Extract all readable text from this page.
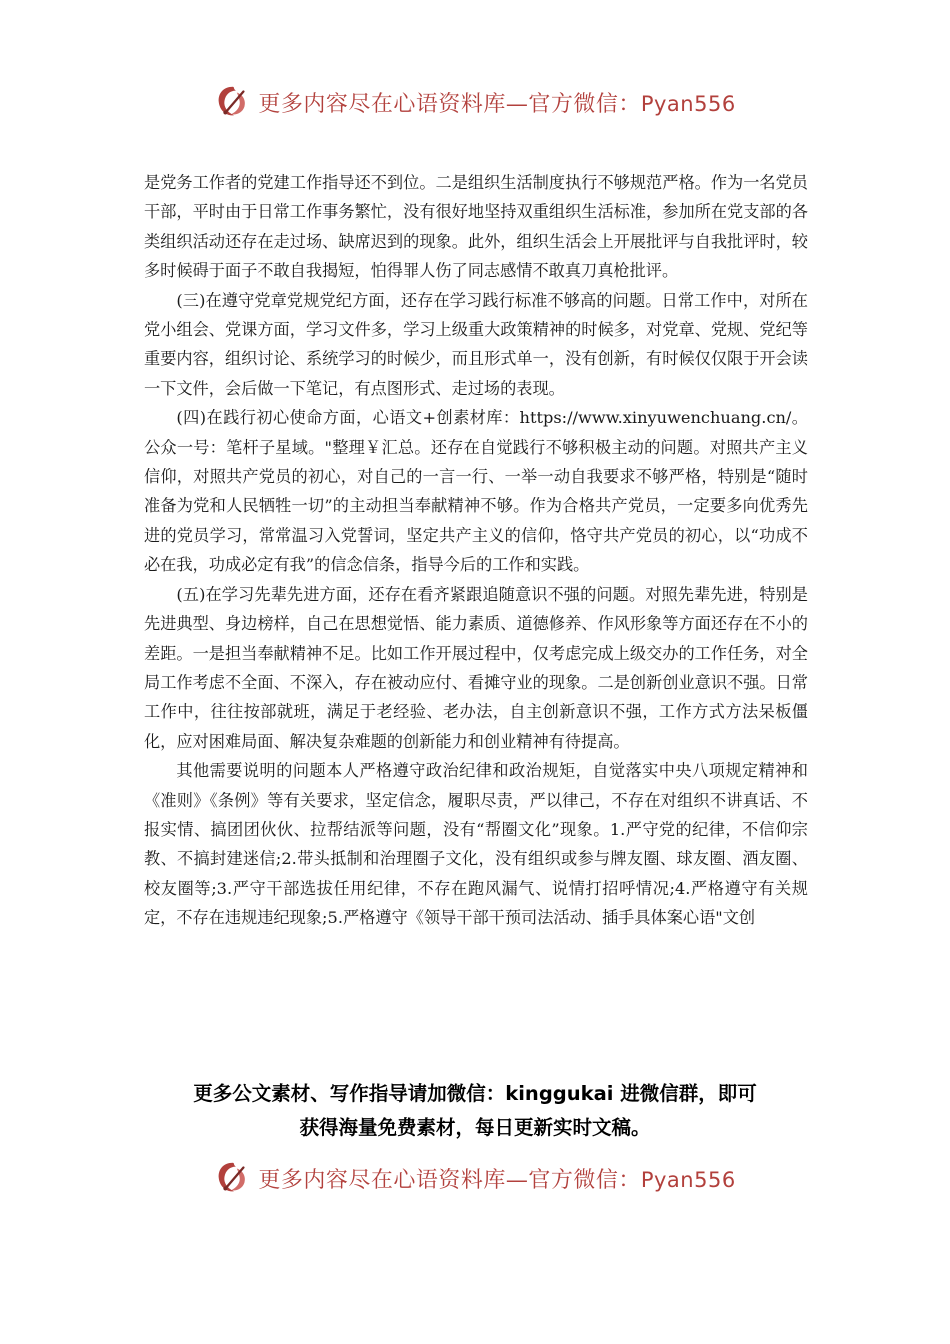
更多内容尽在心语资料库—官方微信：Pyan556

是党务工作者的党建工作指导还不到位。二是组织生活制度执行不够规范严格。作为一名党员干部，平时由于日常工作事务繁忙，没有很好地坚持双重组织生活标准，参加所在党支部的各类组织活动还存在走过场、缺席迟到的现象。此外，组织生活会上开展批评与自我批评时，较多时候碍于面子不敢自我揭短，怕得罪人伤了同志感情不敢真刀真枪批评。

(三)在遵守党章党规党纪方面，还存在学习践行标准不够高的问题。日常工作中，对所在党小组会、党课方面，学习文件多，学习上级重大政策精神的时候多，对党章、党规、党纪等重要内容，组织讨论、系统学习的时候少，而且形式单一，没有创新，有时候仅仅限于开会读一下文件，会后做一下笔记，有点图形式、走过场的表现。

(四)在践行初心使命方面，心语文+创素材库：https://www.xinyuwenchuang.cn/。公众一号：笔杆子星域。"整理￥汇总。还存在自觉践行不够积极主动的问题。对照共产主义信仰，对照共产党员的初心，对自己的一言一行、一举一动自我要求不够严格，特别是“随时准备为党和人民牺牲一切”的主动担当奉献精神不够。作为合格共产党员，一定要多向优秀先进的党员学习，常常温习入党誓词，坚定共产主义的信仰，恪守共产党员的初心，以“功成不必在我，功成必定有我”的信念信条，指导今后的工作和实践。

(五)在学习先辈先进方面，还存在看齐紧跟追随意识不强的问题。对照先辈先进，特别是先进典型、身边榜样，自己在思想觉悟、能力素质、道德修养、作风形象等方面还存在不小的差距。一是担当奉献精神不足。比如工作开展过程中，仅考虑完成上级交办的工作任务，对全局工作考虑不全面、不深入，存在被动应付、看摊守业的现象。二是创新创业意识不强。日常工作中，往往按部就班，满足于老经验、老办法，自主创新意识不强，工作方式方法呆板僵化，应对困难局面、解决复杂难题的创新能力和创业精神有待提高。

其他需要说明的问题本人严格遵守政治纪律和政治规矩，自觉落实中央八项规定精神和《准则》《条例》等有关要求，坚定信念，履职尽责，严以律己，不存在对组织不讲真话、不报实情、搞团团伙伙、拉帮结派等问题，没有“帮圈文化”现象。1.严守党的纪律，不信仰宗教、不搞封建迷信;2.带头抵制和治理圈子文化，没有组织或参与牌友圈、球友圈、酒友圈、校友圈等;3.严守干部选拔任用纪律，不存在跑风漏气、说情打招呼情况;4.严格遵守有关规定，不存在违规违纪现象;5.严格遵守《领导干部干预司法活动、插手具体案心语"文创

更多公文素材、写作指导请加微信：kinggukai 进微信群，即可
获得海量免费素材，每日更新实时文稿。
更多内容尽在心语资料库—官方微信：Pyan556
